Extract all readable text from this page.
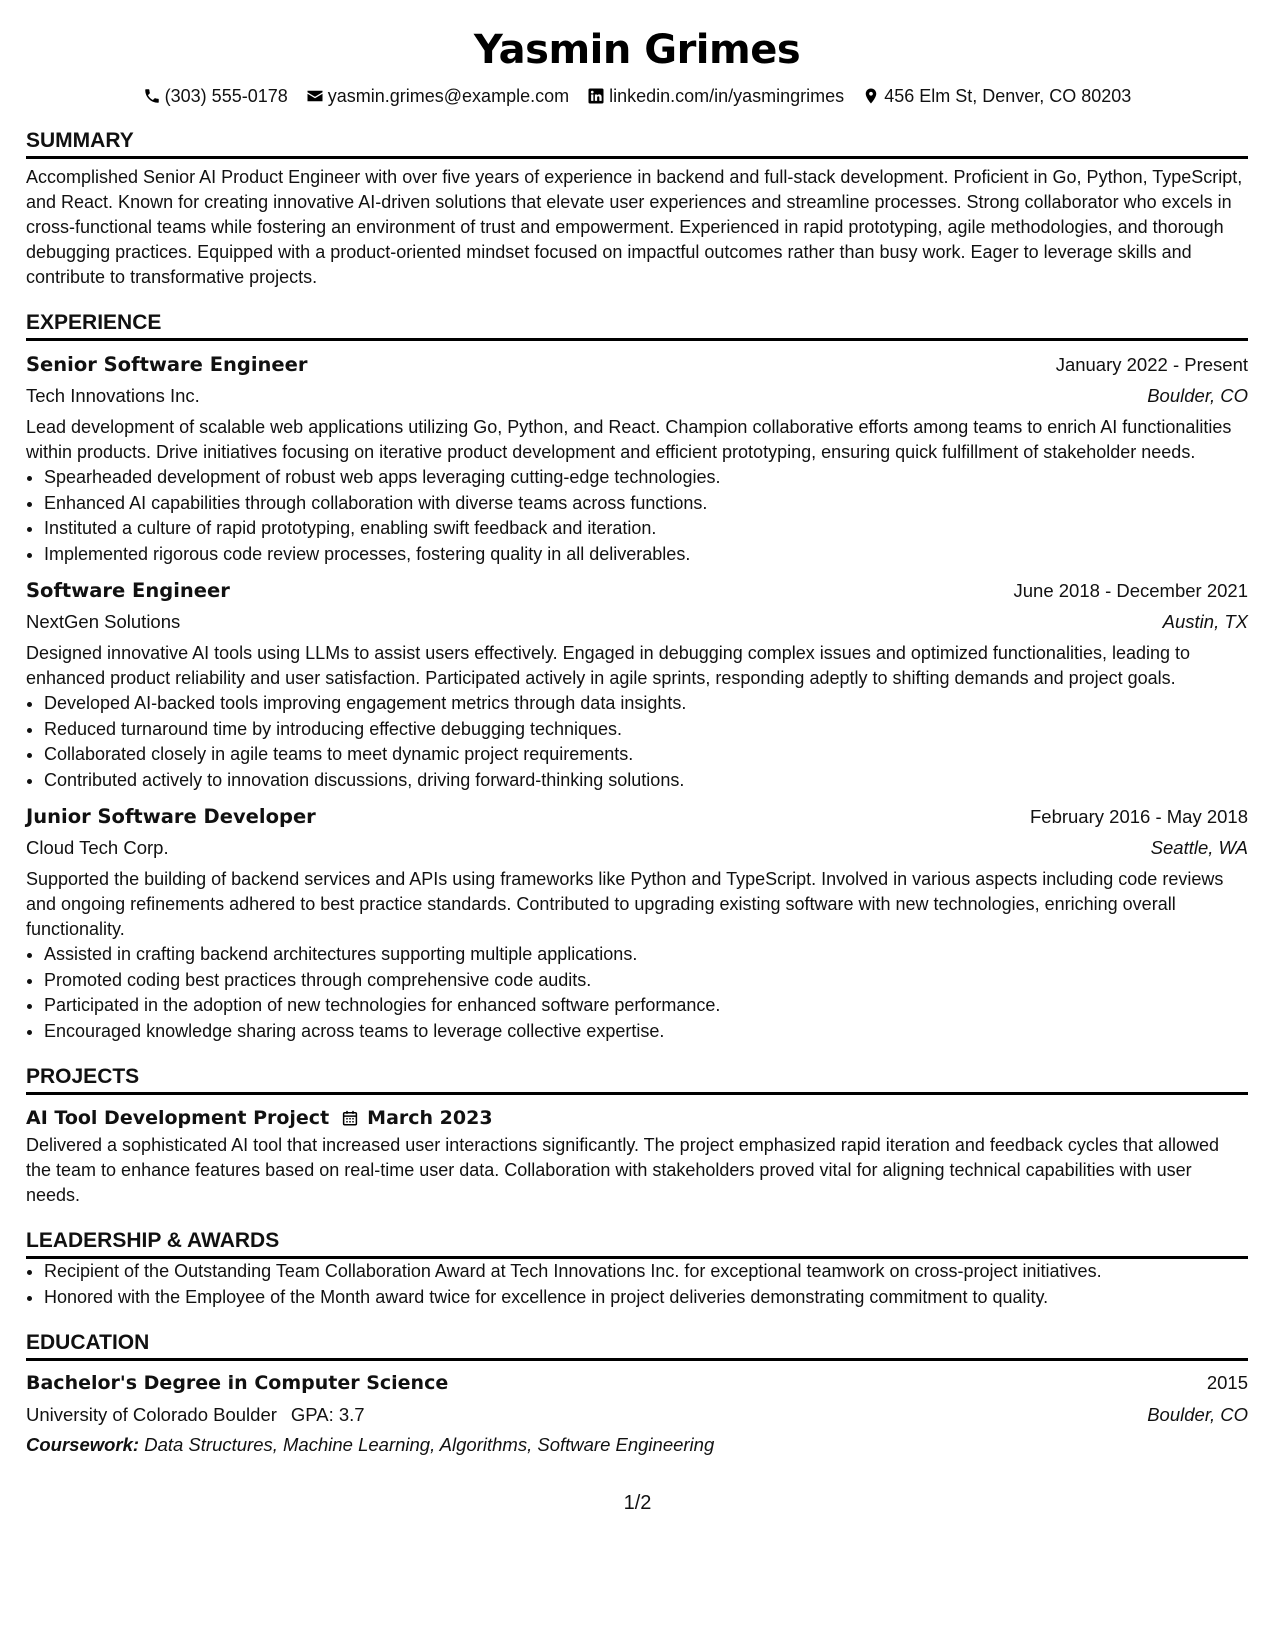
Yasmin Grimes
(303) 555-0178 yasmin.grimes@example.com linkedin.com/in/yasmingrimes 456 Elm St, Denver, CO 80203
SUMMARY

Accomplished Senior AI Product Engineer with over five years of experience in backend and full-stack development. Proficient in Go, Python, TypeScript, and React. Known for creating innovative AI-driven solutions that elevate user experiences and streamline processes. Strong collaborator who excels in cross-functional teams while fostering an environment of trust and empowerment. Experienced in rapid prototyping, agile methodologies, and thorough debugging practices. Equipped with a product-oriented mindset focused on impactful outcomes rather than busy work. Eager to leverage skills and contribute to transformative projects.

EXPERIENCE
Senior Software Engineer	January 2022 - Present
Tech Innovations Inc.	Boulder, CO

Lead development of scalable web applications utilizing Go, Python, and React. Champion collaborative efforts among teams to enrich AI functionalities within products. Drive initiatives focusing on iterative product development and efficient prototyping, ensuring quick fulfillment of stakeholder needs.

• Spearheaded development of robust web apps leveraging cutting-edge technologies.
• Enhanced AI capabilities through collaboration with diverse teams across functions.
• Instituted a culture of rapid prototyping, enabling swift feedback and iteration.
• Implemented rigorous code review processes, fostering quality in all deliverables.
Software Engineer	June 2018 - December 2021
NextGen Solutions	Austin, TX

Designed innovative AI tools using LLMs to assist users effectively. Engaged in debugging complex issues and optimized functionalities, leading to enhanced product reliability and user satisfaction. Participated actively in agile sprints, responding adeptly to shifting demands and project goals.

• Developed AI-backed tools improving engagement metrics through data insights.
• Reduced turnaround time by introducing effective debugging techniques.
• Collaborated closely in agile teams to meet dynamic project requirements.
• Contributed actively to innovation discussions, driving forward-thinking solutions.
Junior Software Developer	February 2016 - May 2018
Cloud Tech Corp.	Seattle, WA

Supported the building of backend services and APIs using frameworks like Python and TypeScript. Involved in various aspects including code reviews and ongoing refinements adhered to best practice standards. Contributed to upgrading existing software with new technologies, enriching overall functionality.

• Assisted in crafting backend architectures supporting multiple applications.
• Promoted coding best practices through comprehensive code audits.
• Participated in the adoption of new technologies for enhanced software performance.
• Encouraged knowledge sharing across teams to leverage collective expertise.
PROJECTS
AI Tool Development Project March 2023

Delivered a sophisticated AI tool that increased user interactions significantly. The project emphasized rapid iteration and feedback cycles that allowed the team to enhance features based on real-time user data. Collaboration with stakeholders proved vital for aligning technical capabilities with user needs.

LEADERSHIP & AWARDS
• Recipient of the Outstanding Team Collaboration Award at Tech Innovations Inc. for exceptional teamwork on cross-project initiatives.
• Honored with the Employee of the Month award twice for excellence in project deliveries demonstrating commitment to quality.
EDUCATION
Bachelor's Degree in Computer Science	2015
University of Colorado Boulder GPA: 3.7	Boulder, CO
Coursework: Data Structures, Machine Learning, Algorithms, Software Engineering
1/2
